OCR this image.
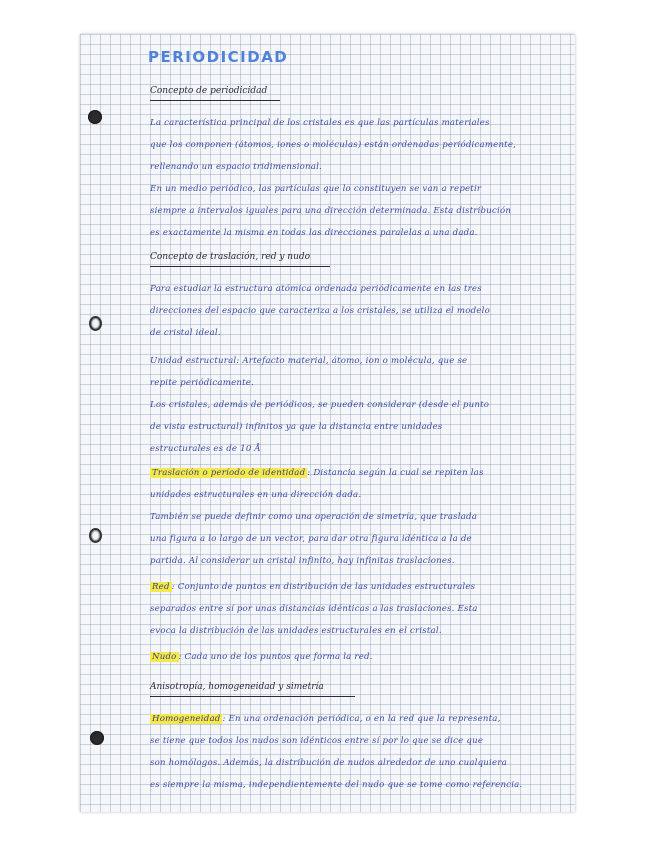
PERIODICIDAD
Concepto de periodicidad
La característica principal de los cristales es que las partículas materiales
que los componen (átomos, iones o moléculas) están ordenadas periódicamente,
rellenando un espacio tridimensional.
En un medio periódico, las partículas que lo constituyen se van a repetir
siempre a intervalos iguales para una dirección determinada. Esta distribución
es exactamente la misma en todas las direcciones paralelas a una dada.
Concepto de traslación, red y nudo
Para estudiar la estructura atómica ordenada periódicamente en las tres
direcciones del espacio que caracteriza a los cristales, se utiliza el modelo
de cristal ideal.
Unidad estructural: Artefacto material, átomo, ion o molécula, que se
repite periódicamente.
Los cristales, además de periódicos, se pueden considerar (desde el punto
de vista estructural) infinitos ya que la distancia entre unidades
estructurales es de 10 Å
Traslación o período de identidad : Distancia según la cual se repiten las
unidades estructurales en una dirección dada.
También se puede definir como una operación de simetría, que traslada
una figura a lo largo de un vector, para dar otra figura idéntica a la de
partida. Al considerar un cristal infinito, hay infinitas traslaciones.
Red : Conjunto de puntos en distribución de las unidades estructurales
separados entre sí por unas distancias idénticas a las traslaciones. Esta
evoca la distribución de las unidades estructurales en el cristal.
Nudo : Cada uno de los puntos que forma la red.
Anisotropía, homogeneidad y simetría
Homogeneidad : En una ordenación periódica, o en la red que la representa,
se tiene que todos los nudos son idénticos entre sí por lo que se dice que
son homólogos. Además, la distribución de nudos alrededor de uno cualquiera
es siempre la misma, independientemente del nudo que se tome como referencia.
